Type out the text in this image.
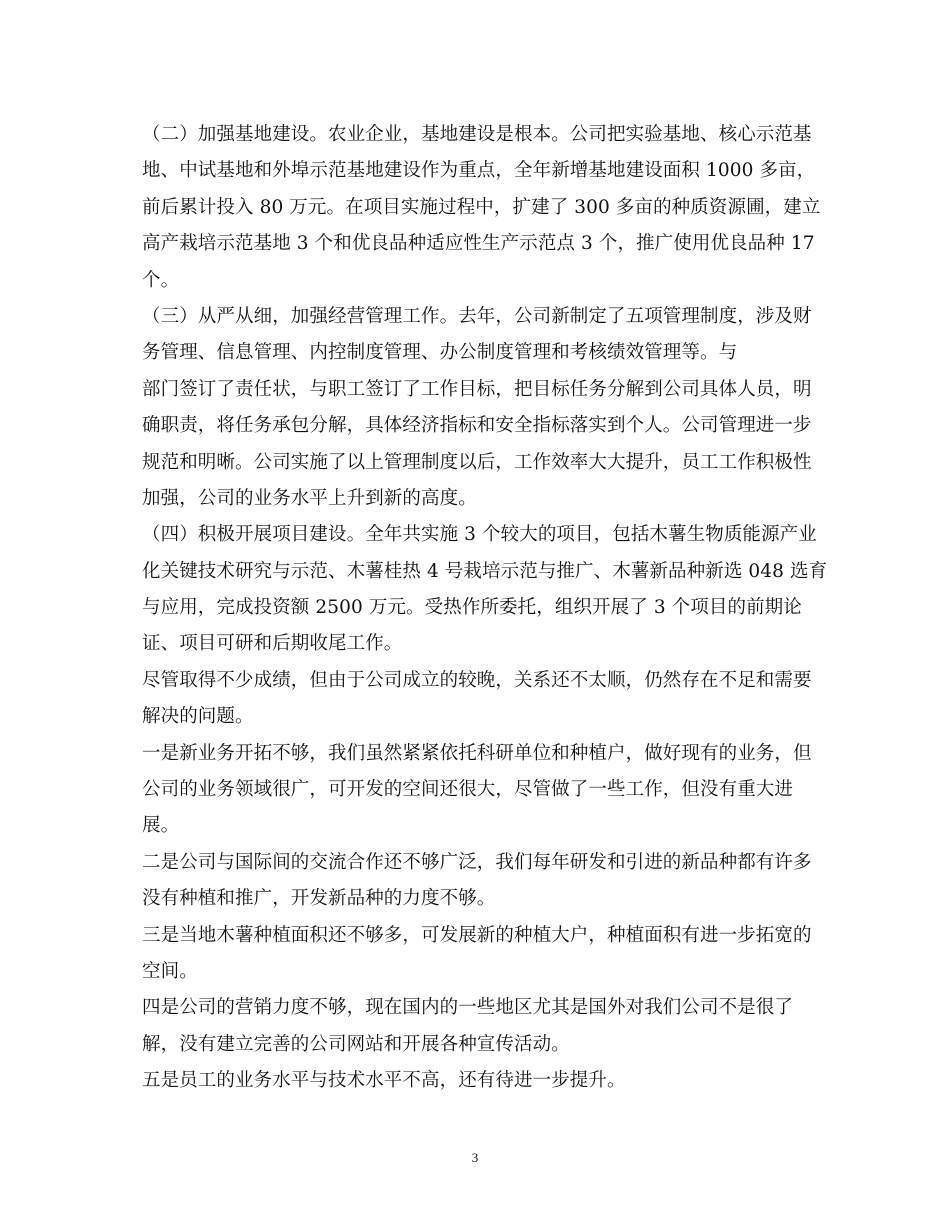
（二）加强基地建设。农业企业，基地建设是根本。公司把实验基地、核心示范基
地、中试基地和外埠示范基地建设作为重点，全年新增基地建设面积 1000 多亩，
前后累计投入 80 万元。在项目实施过程中，扩建了 300 多亩的种质资源圃，建立
高产栽培示范基地 3 个和优良品种适应性生产示范点 3 个，推广使用优良品种 17
个。
（三）从严从细，加强经营管理工作。去年，公司新制定了五项管理制度，涉及财
务管理、信息管理、内控制度管理、办公制度管理和考核绩效管理等。与
部门签订了责任状，与职工签订了工作目标，把目标任务分解到公司具体人员，明
确职责，将任务承包分解，具体经济指标和安全指标落实到个人。公司管理进一步
规范和明晰。公司实施了以上管理制度以后，工作效率大大提升，员工工作积极性
加强，公司的业务水平上升到新的高度。
（四）积极开展项目建设。全年共实施 3 个较大的项目，包括木薯生物质能源产业
化关键技术研究与示范、木薯桂热 4 号栽培示范与推广、木薯新品种新选 048 选育
与应用，完成投资额 2500 万元。受热作所委托，组织开展了 3 个项目的前期论
证、项目可研和后期收尾工作。
尽管取得不少成绩，但由于公司成立的较晚，关系还不太顺，仍然存在不足和需要
解决的问题。
一是新业务开拓不够，我们虽然紧紧依托科研单位和种植户，做好现有的业务，但
公司的业务领域很广，可开发的空间还很大，尽管做了一些工作，但没有重大进
展。
二是公司与国际间的交流合作还不够广泛，我们每年研发和引进的新品种都有许多
没有种植和推广，开发新品种的力度不够。
三是当地木薯种植面积还不够多，可发展新的种植大户，种植面积有进一步拓宽的
空间。
四是公司的营销力度不够，现在国内的一些地区尤其是国外对我们公司不是很了
解，没有建立完善的公司网站和开展各种宣传活动。
五是员工的业务水平与技术水平不高，还有待进一步提升。
3
